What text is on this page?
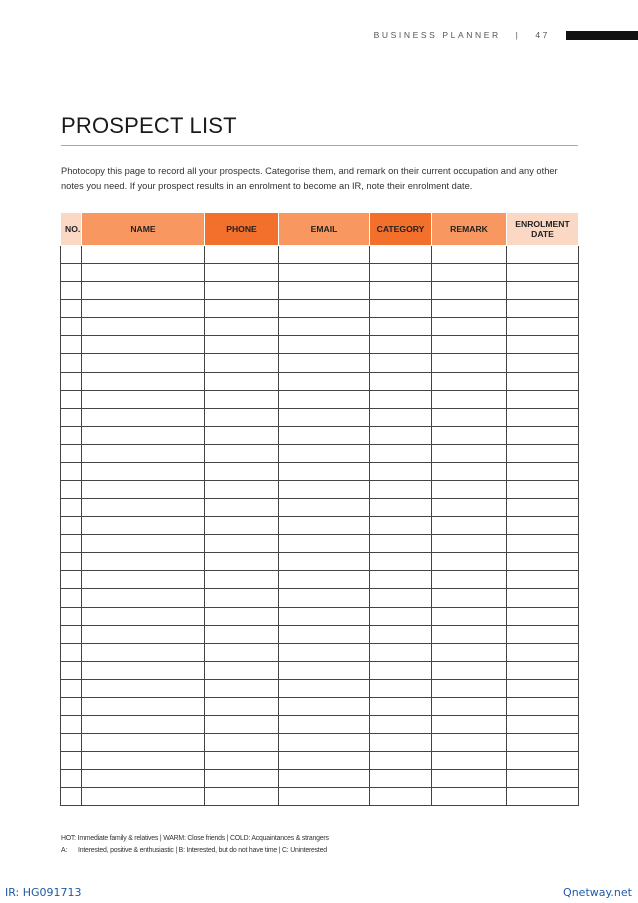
BUSINESS PLANNER | 47
PROSPECT LIST

Photocopy this page to record all your prospects. Categorise them, and remark on their current occupation and any other notes you need. If your prospect results in an enrolment to become an IR, note their enrolment date.

NO.	NAME	PHONE	EMAIL	CATEGORY	REMARK	ENROLMENT DATE

HOT: Immediate family & relatives | WARM: Close friends | COLD: Acquaintances & strangers
A: Interested, positive & enthusiastic | B: Interested, but do not have time | C: Uninterested
IR: HG091713	Qnetway.net
